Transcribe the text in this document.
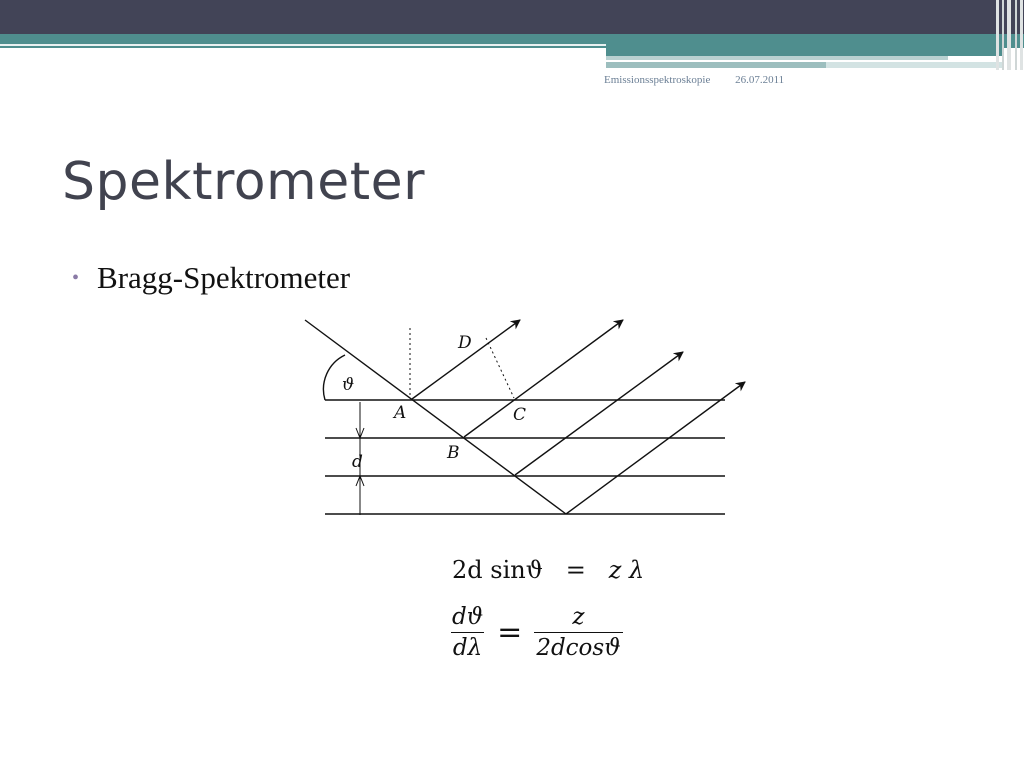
Emissionsspektroskopie 26.07.2011
Spektrometer
• Bragg-Spektrometer
ϑ
A
B
C
D
d
2d sinϑ = z λ
$\frac{dϑ}{d\lambda} = \frac{z}{2dcosϑ}$
